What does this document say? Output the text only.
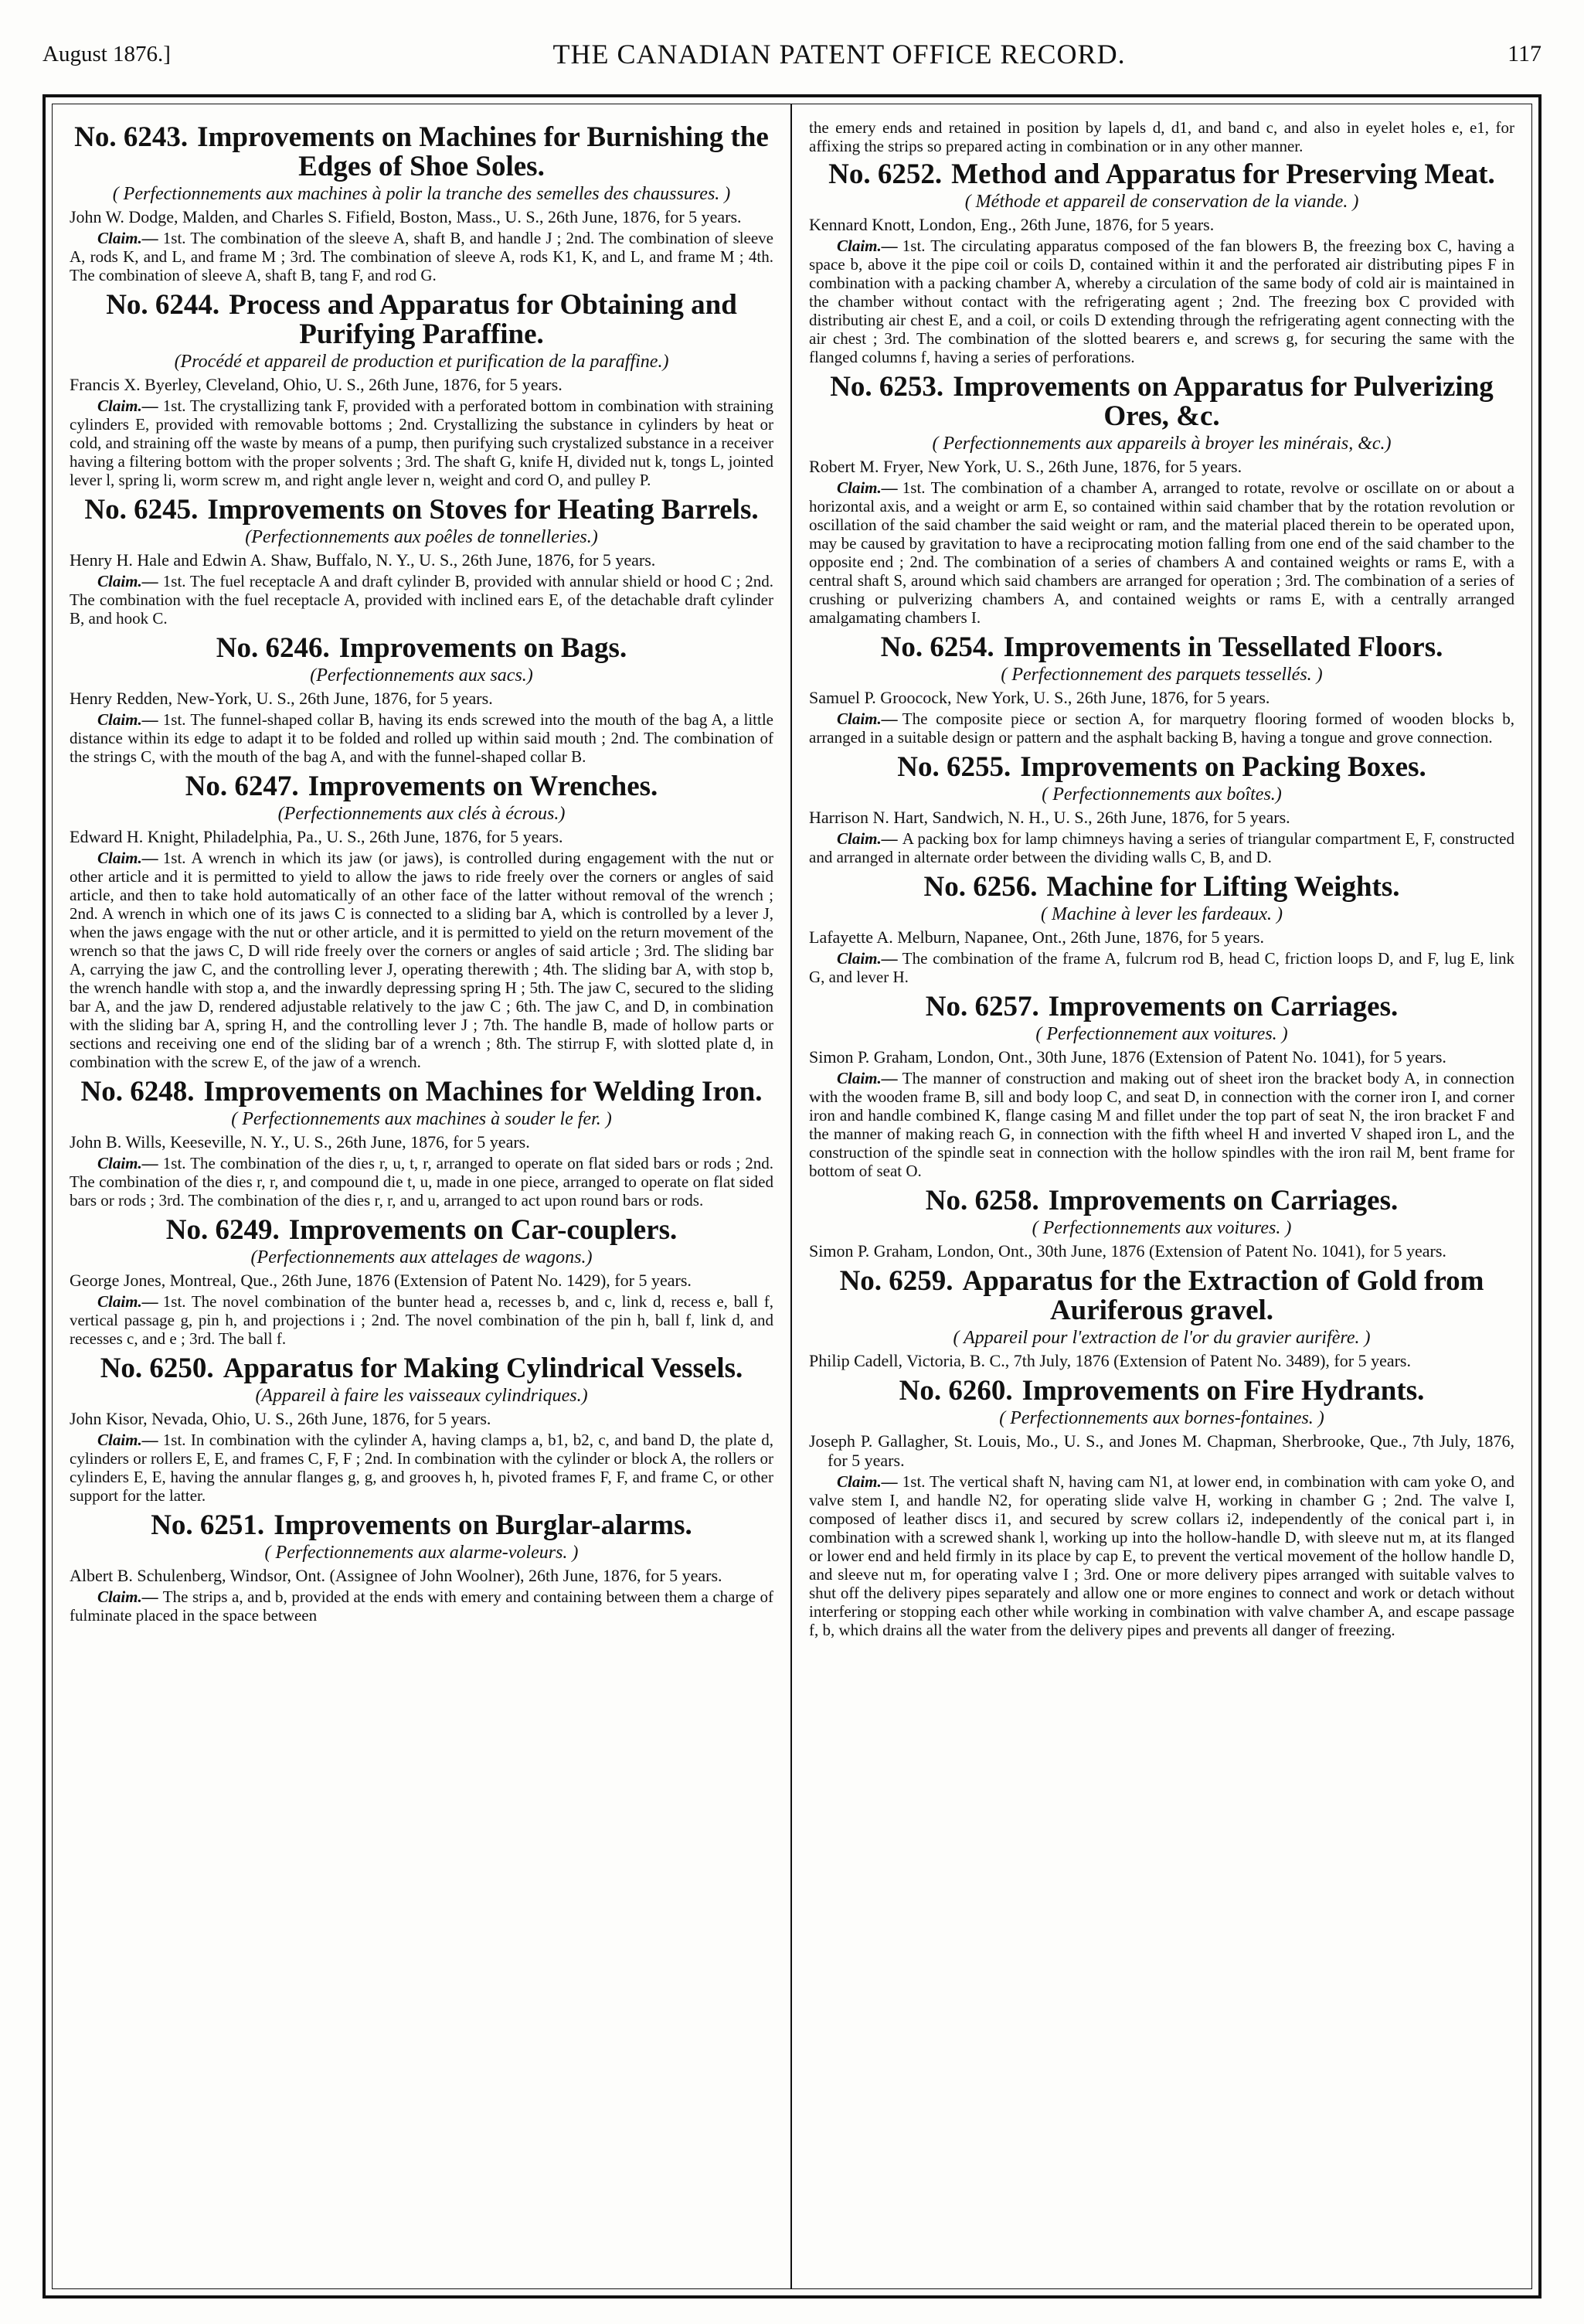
August 1876.]	THE CANADIAN PATENT OFFICE RECORD.	117
No. 6243. Improvements on Machines for Burnishing the Edges of Shoe Soles.
( Perfectionnements aux machines à polir la tranche des semelles des chaussures. )
John W. Dodge, Malden, and Charles S. Fifield, Boston, Mass., U. S., 26th June, 1876, for 5 years.

Claim.— 1st. The combination of the sleeve A, shaft B, and handle J ; 2nd. The combination of sleeve A, rods K, and L, and frame M ; 3rd. The combination of sleeve A, rods K1, K, and L, and frame M ; 4th. The combination of sleeve A, shaft B, tang F, and rod G.

No. 6244. Process and Apparatus for Obtaining and Purifying Paraffine.
(Procédé et appareil de production et purification de la paraffine.)
Francis X. Byerley, Cleveland, Ohio, U. S., 26th June, 1876, for 5 years.

Claim.— 1st. The crystallizing tank F, provided with a perforated bottom in combination with straining cylinders E, provided with removable bottoms ; 2nd. Crystallizing the substance in cylinders by heat or cold, and straining off the waste by means of a pump, then purifying such crystalized substance in a receiver having a filtering bottom with the proper solvents ; 3rd. The shaft G, knife H, divided nut k, tongs L, jointed lever l, spring li, worm screw m, and right angle lever n, weight and cord O, and pulley P.

No. 6245. Improvements on Stoves for Heating Barrels.
(Perfectionnements aux poêles de tonnelleries.)
Henry H. Hale and Edwin A. Shaw, Buffalo, N. Y., U. S., 26th June, 1876, for 5 years.

Claim.— 1st. The fuel receptacle A and draft cylinder B, provided with annular shield or hood C ; 2nd. The combination with the fuel receptacle A, provided with inclined ears E, of the detachable draft cylinder B, and hook C.

No. 6246. Improvements on Bags.
(Perfectionnements aux sacs.)
Henry Redden, New-York, U. S., 26th June, 1876, for 5 years.

Claim.— 1st. The funnel-shaped collar B, having its ends screwed into the mouth of the bag A, a little distance within its edge to adapt it to be folded and rolled up within said mouth ; 2nd. The combination of the strings C, with the mouth of the bag A, and with the funnel-shaped collar B.

No. 6247. Improvements on Wrenches.
(Perfectionnements aux clés à écrous.)
Edward H. Knight, Philadelphia, Pa., U. S., 26th June, 1876, for 5 years.

Claim.— 1st. A wrench in which its jaw (or jaws), is controlled during engagement with the nut or other article and it is permitted to yield to allow the jaws to ride freely over the corners or angles of said article, and then to take hold automatically of an other face of the latter without removal of the wrench ; 2nd. A wrench in which one of its jaws C is connected to a sliding bar A, which is controlled by a lever J, when the jaws engage with the nut or other article, and it is permitted to yield on the return movement of the wrench so that the jaws C, D will ride freely over the corners or angles of said article ; 3rd. The sliding bar A, carrying the jaw C, and the controlling lever J, operating therewith ; 4th. The sliding bar A, with stop b, the wrench handle with stop a, and the inwardly depressing spring H ; 5th. The jaw C, secured to the sliding bar A, and the jaw D, rendered adjustable relatively to the jaw C ; 6th. The jaw C, and D, in combination with the sliding bar A, spring H, and the controlling lever J ; 7th. The handle B, made of hollow parts or sections and receiving one end of the sliding bar of a wrench ; 8th. The stirrup F, with slotted plate d, in combination with the screw E, of the jaw of a wrench.

No. 6248. Improvements on Machines for Welding Iron.
( Perfectionnements aux machines à souder le fer. )
John B. Wills, Keeseville, N. Y., U. S., 26th June, 1876, for 5 years.

Claim.— 1st. The combination of the dies r, u, t, r, arranged to operate on flat sided bars or rods ; 2nd. The combination of the dies r, r, and compound die t, u, made in one piece, arranged to operate on flat sided bars or rods ; 3rd. The combination of the dies r, r, and u, arranged to act upon round bars or rods.

No. 6249. Improvements on Car-couplers.
(Perfectionnements aux attelages de wagons.)
George Jones, Montreal, Que., 26th June, 1876 (Extension of Patent No. 1429), for 5 years.

Claim.— 1st. The novel combination of the bunter head a, recesses b, and c, link d, recess e, ball f, vertical passage g, pin h, and projections i ; 2nd. The novel combination of the pin h, ball f, link d, and recesses c, and e ; 3rd. The ball f.

No. 6250. Apparatus for Making Cylindrical Vessels.
(Appareil à faire les vaisseaux cylindriques.)
John Kisor, Nevada, Ohio, U. S., 26th June, 1876, for 5 years.

Claim.— 1st. In combination with the cylinder A, having clamps a, b1, b2, c, and band D, the plate d, cylinders or rollers E, E, and frames C, F, F ; 2nd. In combination with the cylinder or block A, the rollers or cylinders E, E, having the annular flanges g, g, and grooves h, h, pivoted frames F, F, and frame C, or other support for the latter.

No. 6251. Improvements on Burglar-alarms.
( Perfectionnements aux alarme-voleurs. )
Albert B. Schulenberg, Windsor, Ont. (Assignee of John Woolner), 26th June, 1876, for 5 years.

Claim.— The strips a, and b, provided at the ends with emery and containing between them a charge of fulminate placed in the space between

the emery ends and retained in position by lapels d, d1, and band c, and also in eyelet holes e, e1, for affixing the strips so prepared acting in combination or in any other manner.

No. 6252. Method and Apparatus for Preserving Meat.
( Méthode et appareil de conservation de la viande. )
Kennard Knott, London, Eng., 26th June, 1876, for 5 years.

Claim.— 1st. The circulating apparatus composed of the fan blowers B, the freezing box C, having a space b, above it the pipe coil or coils D, contained within it and the perforated air distributing pipes F in combination with a packing chamber A, whereby a circulation of the same body of cold air is maintained in the chamber without contact with the refrigerating agent ; 2nd. The freezing box C provided with distributing air chest E, and a coil, or coils D extending through the refrigerating agent connecting with the air chest ; 3rd. The combination of the slotted bearers e, and screws g, for securing the same with the flanged columns f, having a series of perforations.

No. 6253. Improvements on Apparatus for Pulverizing Ores, &c.
( Perfectionnements aux appareils à broyer les minérais, &c.)
Robert M. Fryer, New York, U. S., 26th June, 1876, for 5 years.

Claim.— 1st. The combination of a chamber A, arranged to rotate, revolve or oscillate on or about a horizontal axis, and a weight or arm E, so contained within said chamber that by the rotation revolution or oscillation of the said chamber the said weight or ram, and the material placed therein to be operated upon, may be caused by gravitation to have a reciprocating motion falling from one end of the said chamber to the opposite end ; 2nd. The combination of a series of chambers A and contained weights or rams E, with a central shaft S, around which said chambers are arranged for operation ; 3rd. The combination of a series of crushing or pulverizing chambers A, and contained weights or rams E, with a centrally arranged amalgamating chambers I.

No. 6254. Improvements in Tessellated Floors.
( Perfectionnement des parquets tessellés. )
Samuel P. Groocock, New York, U. S., 26th June, 1876, for 5 years.

Claim.— The composite piece or section A, for marquetry flooring formed of wooden blocks b, arranged in a suitable design or pattern and the asphalt backing B, having a tongue and grove connection.

No. 6255. Improvements on Packing Boxes.
( Perfectionnements aux boîtes.)
Harrison N. Hart, Sandwich, N. H., U. S., 26th June, 1876, for 5 years.

Claim.— A packing box for lamp chimneys having a series of triangular compartment E, F, constructed and arranged in alternate order between the dividing walls C, B, and D.

No. 6256. Machine for Lifting Weights.
( Machine à lever les fardeaux. )
Lafayette A. Melburn, Napanee, Ont., 26th June, 1876, for 5 years.

Claim.— The combination of the frame A, fulcrum rod B, head C, friction loops D, and F, lug E, link G, and lever H.

No. 6257. Improvements on Carriages.
( Perfectionnement aux voitures. )
Simon P. Graham, London, Ont., 30th June, 1876 (Extension of Patent No. 1041), for 5 years.

Claim.— The manner of construction and making out of sheet iron the bracket body A, in connection with the wooden frame B, sill and body loop C, and seat D, in connection with the corner iron I, and corner iron and handle combined K, flange casing M and fillet under the top part of seat N, the iron bracket F and the manner of making reach G, in connection with the fifth wheel H and inverted V shaped iron L, and the construction of the spindle seat in connection with the hollow spindles with the iron rail M, bent frame for bottom of seat O.

No. 6258. Improvements on Carriages.
( Perfectionnements aux voitures. )
Simon P. Graham, London, Ont., 30th June, 1876 (Extension of Patent No. 1041), for 5 years.
No. 6259. Apparatus for the Extraction of Gold from Auriferous gravel.
( Appareil pour l'extraction de l'or du gravier aurifère. )
Philip Cadell, Victoria, B. C., 7th July, 1876 (Extension of Patent No. 3489), for 5 years.
No. 6260. Improvements on Fire Hydrants.
( Perfectionnements aux bornes-fontaines. )
Joseph P. Gallagher, St. Louis, Mo., U. S., and Jones M. Chapman, Sherbrooke, Que., 7th July, 1876, for 5 years.

Claim.— 1st. The vertical shaft N, having cam N1, at lower end, in combination with cam yoke O, and valve stem I, and handle N2, for operating slide valve H, working in chamber G ; 2nd. The valve I, composed of leather discs i1, and secured by screw collars i2, independently of the conical part i, in combination with a screwed shank l, working up into the hollow-handle D, with sleeve nut m, at its flanged or lower end and held firmly in its place by cap E, to prevent the vertical movement of the hollow handle D, and sleeve nut m, for operating valve I ; 3rd. One or more delivery pipes arranged with suitable valves to shut off the delivery pipes separately and allow one or more engines to connect and work or detach without interfering or stopping each other while working in combination with valve chamber A, and escape passage f, b, which drains all the water from the delivery pipes and prevents all danger of freezing.
